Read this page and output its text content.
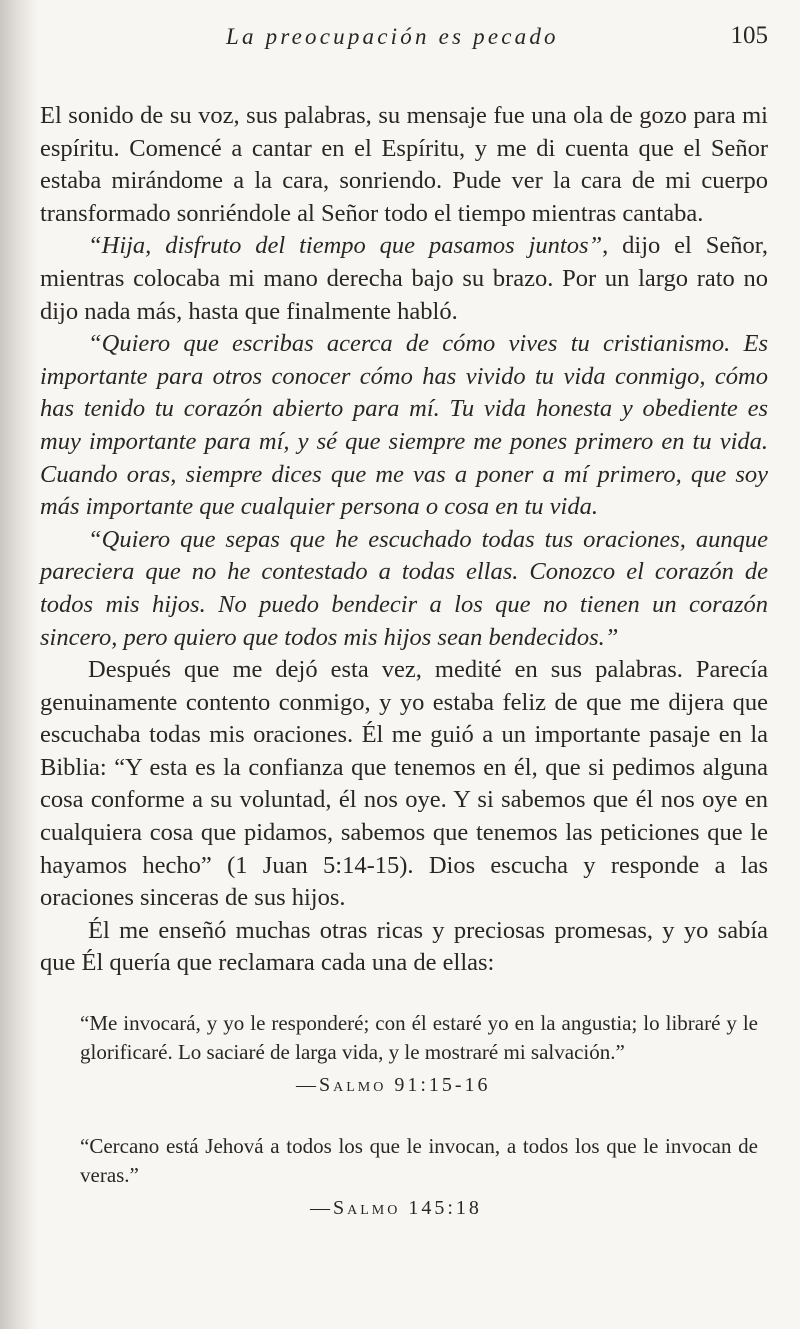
La preocupación es pecado	105

El sonido de su voz, sus palabras, su mensaje fue una ola de gozo para mi espíritu. Comencé a cantar en el Espíritu, y me di cuenta que el Señor estaba mirándome a la cara, sonriendo. Pude ver la cara de mi cuerpo transformado sonriéndole al Señor todo el tiempo mientras cantaba.

“Hija, disfruto del tiempo que pasamos juntos”, dijo el Señor, mientras colocaba mi mano derecha bajo su brazo. Por un largo rato no dijo nada más, hasta que finalmente habló.

“Quiero que escribas acerca de cómo vives tu cristianismo. Es importante para otros conocer cómo has vivido tu vida conmigo, cómo has tenido tu corazón abierto para mí. Tu vida honesta y obediente es muy importante para mí, y sé que siempre me pones primero en tu vida. Cuando oras, siempre dices que me vas a poner a mí primero, que soy más importante que cualquier persona o cosa en tu vida.

“Quiero que sepas que he escuchado todas tus oraciones, aunque pareciera que no he contestado a todas ellas. Conozco el corazón de todos mis hijos. No puedo bendecir a los que no tienen un corazón sincero, pero quiero que todos mis hijos sean bendecidos.”

Después que me dejó esta vez, medité en sus palabras. Parecía genuinamente contento conmigo, y yo estaba feliz de que me dijera que escuchaba todas mis oraciones. Él me guió a un importante pasaje en la Biblia: “Y esta es la confianza que tenemos en él, que si pedimos alguna cosa conforme a su voluntad, él nos oye. Y si sabemos que él nos oye en cualquiera cosa que pidamos, sabemos que tenemos las peticiones que le hayamos hecho” (1 Juan 5:14-15). Dios escucha y responde a las oraciones sinceras de sus hijos.

Él me enseñó muchas otras ricas y preciosas promesas, y yo sabía que Él quería que reclamara cada una de ellas:

“Me invocará, y yo le responderé; con él estaré yo en la angustia; lo libraré y le glorificaré. Lo saciaré de larga vida, y le mostraré mi salvación.”
—Salmo 91:15-16
“Cercano está Jehová a todos los que le invocan, a todos los que le invocan de veras.”
—Salmo 145:18
